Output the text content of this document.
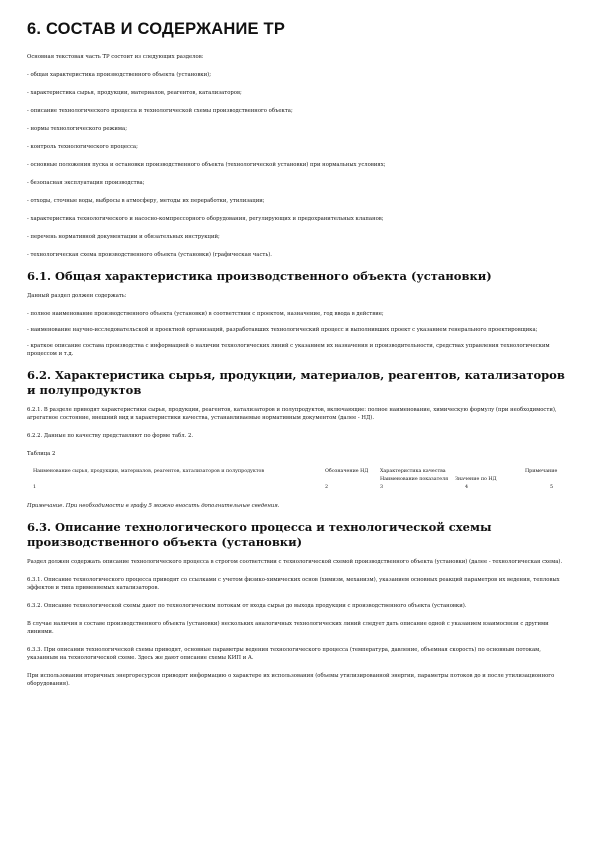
6. СОСТАВ И СОДЕРЖАНИЕ ТР

Основная текстовая часть ТР состоит из следующих разделов:

- общая характеристика производственного объекта (установки);

- характеристика сырья, продукции, материалов, реагентов, катализаторов;

- описание технологического процесса и технологической схемы производственного объекта;

- нормы технологического режима;

- контроль технологического процесса;

- основные положения пуска и остановки производственного объекта (технологической установки) при нормальных условиях;

- безопасная эксплуатация производства;

- отходы, сточные воды, выбросы в атмосферу, методы их переработки, утилизации;

- характеристика технологического и насосно-компрессорного оборудования, регулирующих и предохранительных клапанов;

- перечень нормативной документации и обязательных инструкций;

- технологическая схема производственного объекта (установки) (графическая часть).

6.1. Общая характеристика производственного объекта (установки)

Данный раздел должен содержать:

- полное наименование производственного объекта (установки) в соответствии с проектом, назначение, год ввода в действие;

- наименование научно-исследовательской и проектной организаций, разработавших технологический процесс и выполнивших проект с указанием генерального проектировщика;

- краткое описание состава производства с информацией о наличии технологических линий с указанием их назначения и производительности, средствах управления технологическим процессом и т.д.

6.2. Характеристика сырья, продукции, материалов, реагентов, катализаторов и полупродуктов

6.2.1. В разделе приводят характеристики сырья, продукции, реагентов, катализаторов и полупродуктов, включающие: полное наименование, химическую формулу (при необходимости), агрегатное состояние, внешний вид и характеристики качества, устанавливаемые нормативным документом (далее - НД).

6.2.2. Данные по качеству представляют по форме табл. 2.

Таблица 2

Наименование сырья, продукции, материалов, реагентов, катализаторов и полупродуктов	Обозначение НД	Характеристика качества	Примечание
Наименование показателя	Значение по НД
1	2	3	4	5

Примечание. При необходимости в графу 5 можно вносить дополнительные сведения.

6.3. Описание технологического процесса и технологической схемы производственного объекта (установки)

Раздел должен содержать описание технологического процесса в строгом соответствии с технологической схемой производственного объекта (установки) (далее - технологическая схема).

6.3.1. Описание технологического процесса приводят со ссылками с учетом физико-химических основ (химизм, механизм), указанием основных реакций параметров их ведения, тепловых эффектов и типа применяемых катализаторов.

6.3.2. Описание технологической схемы дают по технологическим потокам от входа сырья до выхода продукции с производственного объекта (установки).

В случае наличия в составе производственного объекта (установки) нескольких аналогичных технологических линий следует дать описание одной с указанием взаимосвязи с другими линиями.

6.3.3. При описании технологической схемы приводят, основные параметры ведения технологического процесса (температура, давление, объемная скорость) по основным потокам, указанным на технологической схеме. Здесь же дают описание схемы КИП и А.

При использовании вторичных энергоресурсов приводят информацию о характере их использования (объемы утилизированной энергии, параметры потоков до и после утилизационного оборудования).
